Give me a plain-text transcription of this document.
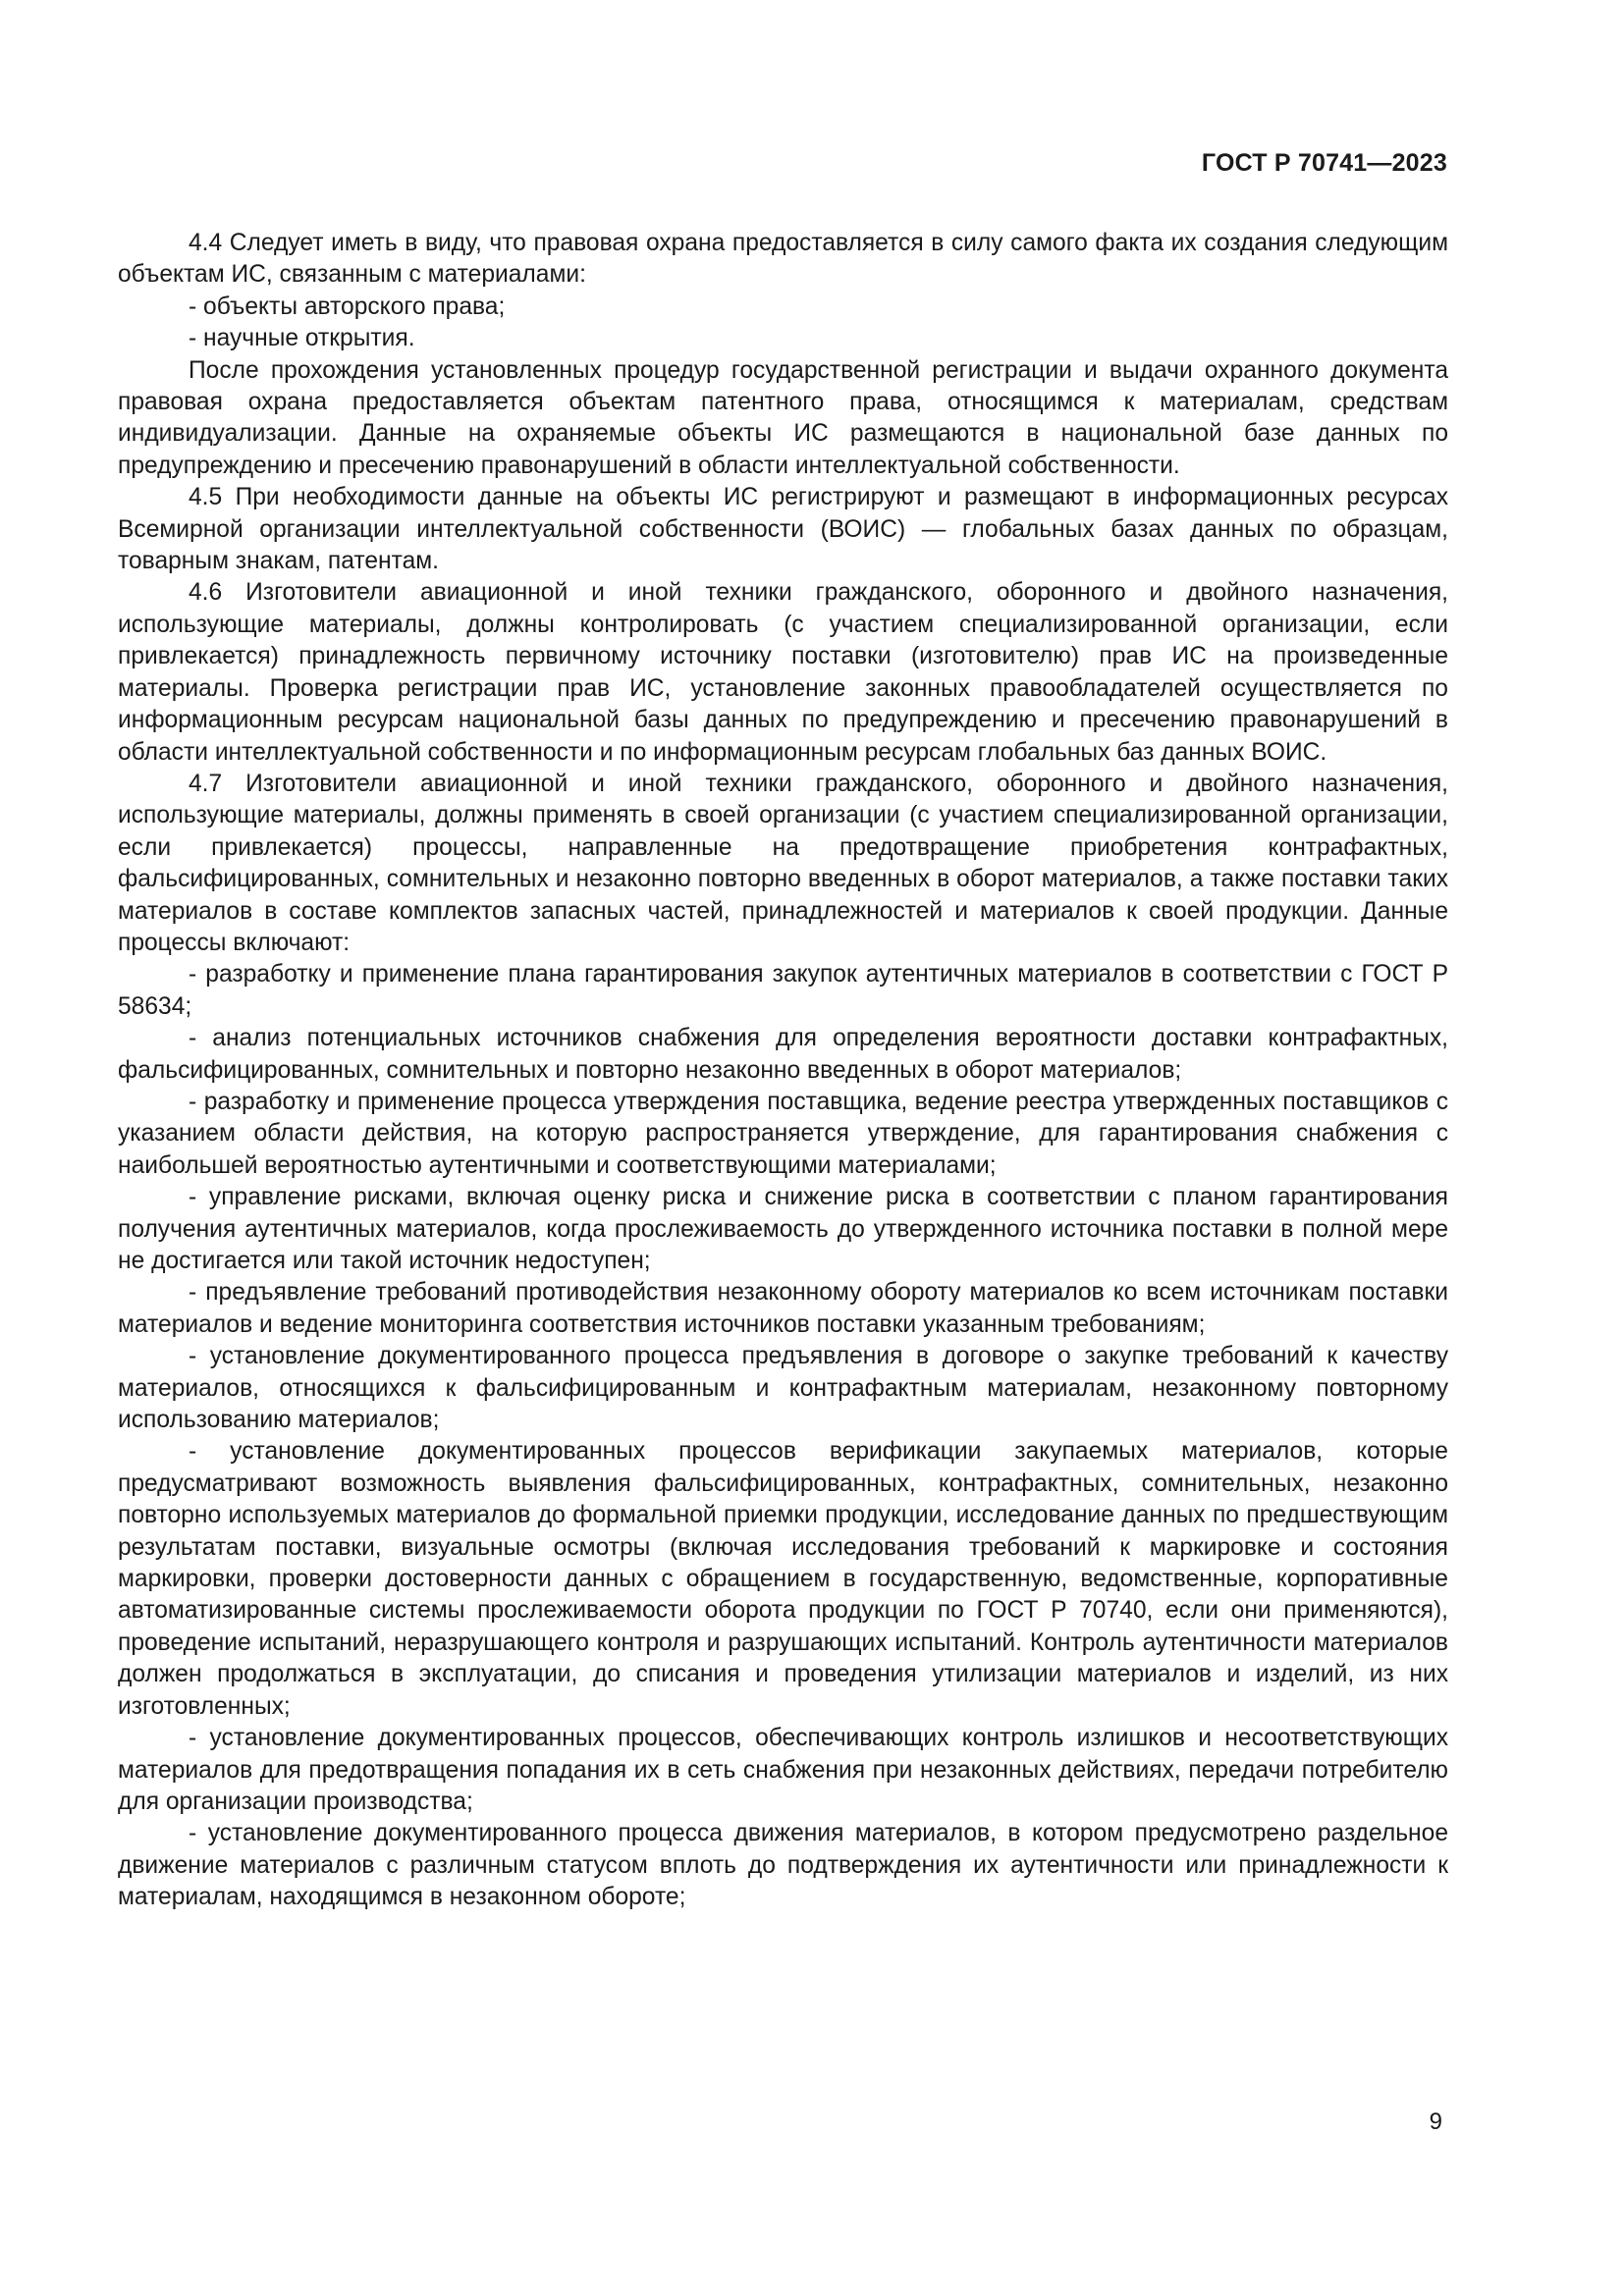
ГОСТ Р 70741—2023

4.4 Следует иметь в виду, что правовая охрана предоставляется в силу самого факта их создания следующим объектам ИС, связанным с материалами:

- объекты авторского права;

- научные открытия.

После прохождения установленных процедур государственной регистрации и выдачи охранного документа правовая охрана предоставляется объектам патентного права, относящимся к материалам, средствам индивидуализации. Данные на охраняемые объекты ИС размещаются в национальной базе данных по предупреждению и пресечению правонарушений в области интеллектуальной собственности.

4.5 При необходимости данные на объекты ИС регистрируют и размещают в информационных ресурсах Всемирной организации интеллектуальной собственности (ВОИС) — глобальных базах данных по образцам, товарным знакам, патентам.

4.6 Изготовители авиационной и иной техники гражданского, оборонного и двойного назначения, использующие материалы, должны контролировать (с участием специализированной организации, если привлекается) принадлежность первичному источнику поставки (изготовителю) прав ИС на произведенные материалы. Проверка регистрации прав ИС, установление законных правообладателей осуществляется по информационным ресурсам национальной базы данных по предупреждению и пресечению правонарушений в области интеллектуальной собственности и по информационным ресурсам глобальных баз данных ВОИС.

4.7 Изготовители авиационной и иной техники гражданского, оборонного и двойного назначения, использующие материалы, должны применять в своей организации (с участием специализированной организации, если привлекается) процессы, направленные на предотвращение приобретения контрафактных, фальсифицированных, сомнительных и незаконно повторно введенных в оборот материалов, а также поставки таких материалов в составе комплектов запасных частей, принадлежностей и материалов к своей продукции. Данные процессы включают:

- разработку и применение плана гарантирования закупок аутентичных материалов в соответствии с ГОСТ Р 58634;

- анализ потенциальных источников снабжения для определения вероятности доставки контрафактных, фальсифицированных, сомнительных и повторно незаконно введенных в оборот материалов;

- разработку и применение процесса утверждения поставщика, ведение реестра утвержденных поставщиков с указанием области действия, на которую распространяется утверждение, для гарантирования снабжения с наибольшей вероятностью аутентичными и соответствующими материалами;

- управление рисками, включая оценку риска и снижение риска в соответствии с планом гарантирования получения аутентичных материалов, когда прослеживаемость до утвержденного источника поставки в полной мере не достигается или такой источник недоступен;

- предъявление требований противодействия незаконному обороту материалов ко всем источникам поставки материалов и ведение мониторинга соответствия источников поставки указанным требованиям;

- установление документированного процесса предъявления в договоре о закупке требований к качеству материалов, относящихся к фальсифицированным и контрафактным материалам, незаконному повторному использованию материалов;

- установление документированных процессов верификации закупаемых материалов, которые предусматривают возможность выявления фальсифицированных, контрафактных, сомнительных, незаконно повторно используемых материалов до формальной приемки продукции, исследование данных по предшествующим результатам поставки, визуальные осмотры (включая исследования требований к маркировке и состояния маркировки, проверки достоверности данных с обращением в государственную, ведомственные, корпоративные автоматизированные системы прослеживаемости оборота продукции по ГОСТ Р 70740, если они применяются), проведение испытаний, неразрушающего контроля и разрушающих испытаний. Контроль аутентичности материалов должен продолжаться в эксплуатации, до списания и проведения утилизации материалов и изделий, из них изготовленных;

- установление документированных процессов, обеспечивающих контроль излишков и несоответствующих материалов для предотвращения попадания их в сеть снабжения при незаконных действиях, передачи потребителю для организации производства;

- установление документированного процесса движения материалов, в котором предусмотрено раздельное движение материалов с различным статусом вплоть до подтверждения их аутентичности или принадлежности к материалам, находящимся в незаконном обороте;

9
